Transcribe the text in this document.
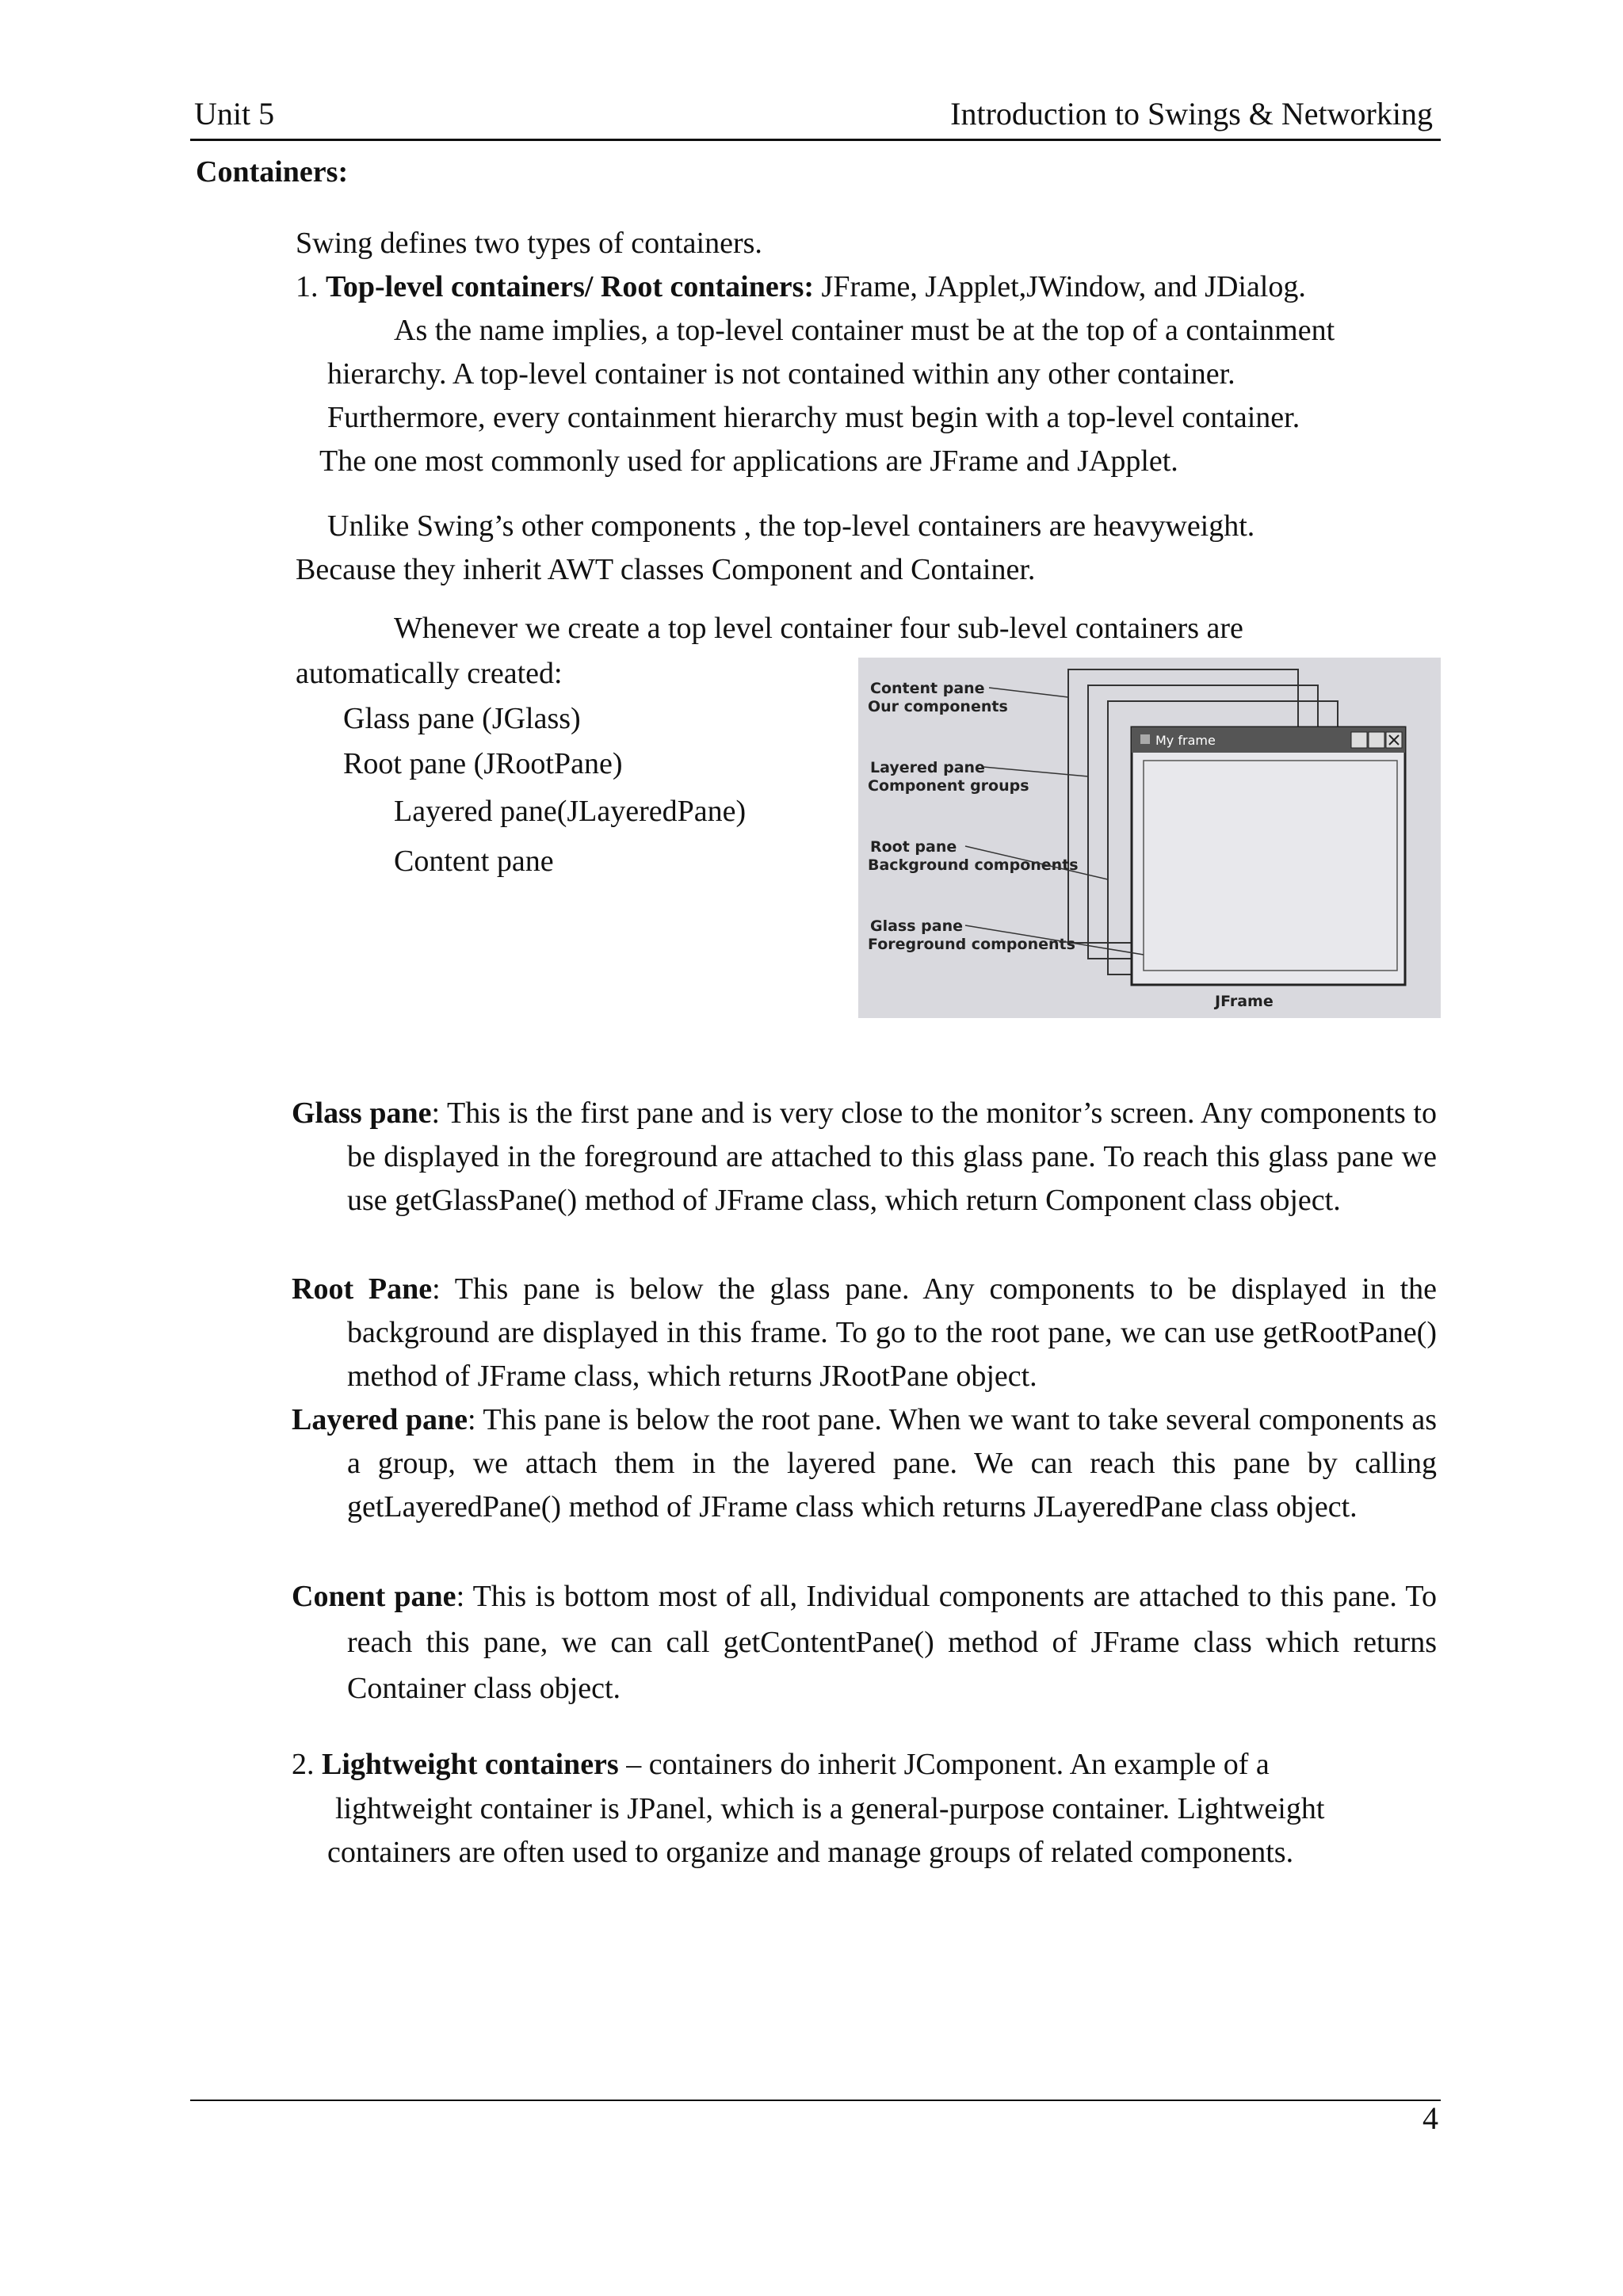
Unit 5	Introduction to Swings & Networking
Containers:
Swing defines two types of containers.
1. Top-level containers/ Root containers: JFrame, JApplet,JWindow, and JDialog.
As the name implies, a top-level container must be at the top of a containment
hierarchy. A top-level container is not contained within any other container.
Furthermore, every containment hierarchy must begin with a top-level container.
The one most commonly used for applications are JFrame and JApplet.
Unlike Swing’s other components , the top-level containers are heavyweight.
Because they inherit AWT classes Component and Container.
Whenever we create a top level container four sub-level containers are
automatically created:
Glass pane (JGlass)
Root pane (JRootPane)
Layered pane(JLayeredPane)
Content pane
My frame
Content pane
Our components
Layered pane
Component groups
Root pane
Background components
Glass pane
Foreground components
JFrame
Glass pane: This is the first pane and is very close to the monitor’s screen. Any components to be displayed in the foreground are attached to this glass pane. To reach this glass pane we use getGlassPane() method of JFrame class, which return Component class object.
Root Pane: This pane is below the glass pane. Any components to be displayed in the background are displayed in this frame. To go to the root pane, we can use getRootPane() method of JFrame class, which returns JRootPane object.
Layered pane: This pane is below the root pane. When we want to take several components as a group, we attach them in the layered pane. We can reach this pane by calling getLayeredPane() method of JFrame class which returns JLayeredPane class object.
Conent pane: This is bottom most of all, Individual components are attached to this pane. To reach this pane, we can call getContentPane() method of JFrame class which returns Container class object.
2. Lightweight containers – containers do inherit JComponent. An example of a
lightweight container is JPanel, which is a general-purpose container. Lightweight
containers are often used to organize and manage groups of related components.
4
